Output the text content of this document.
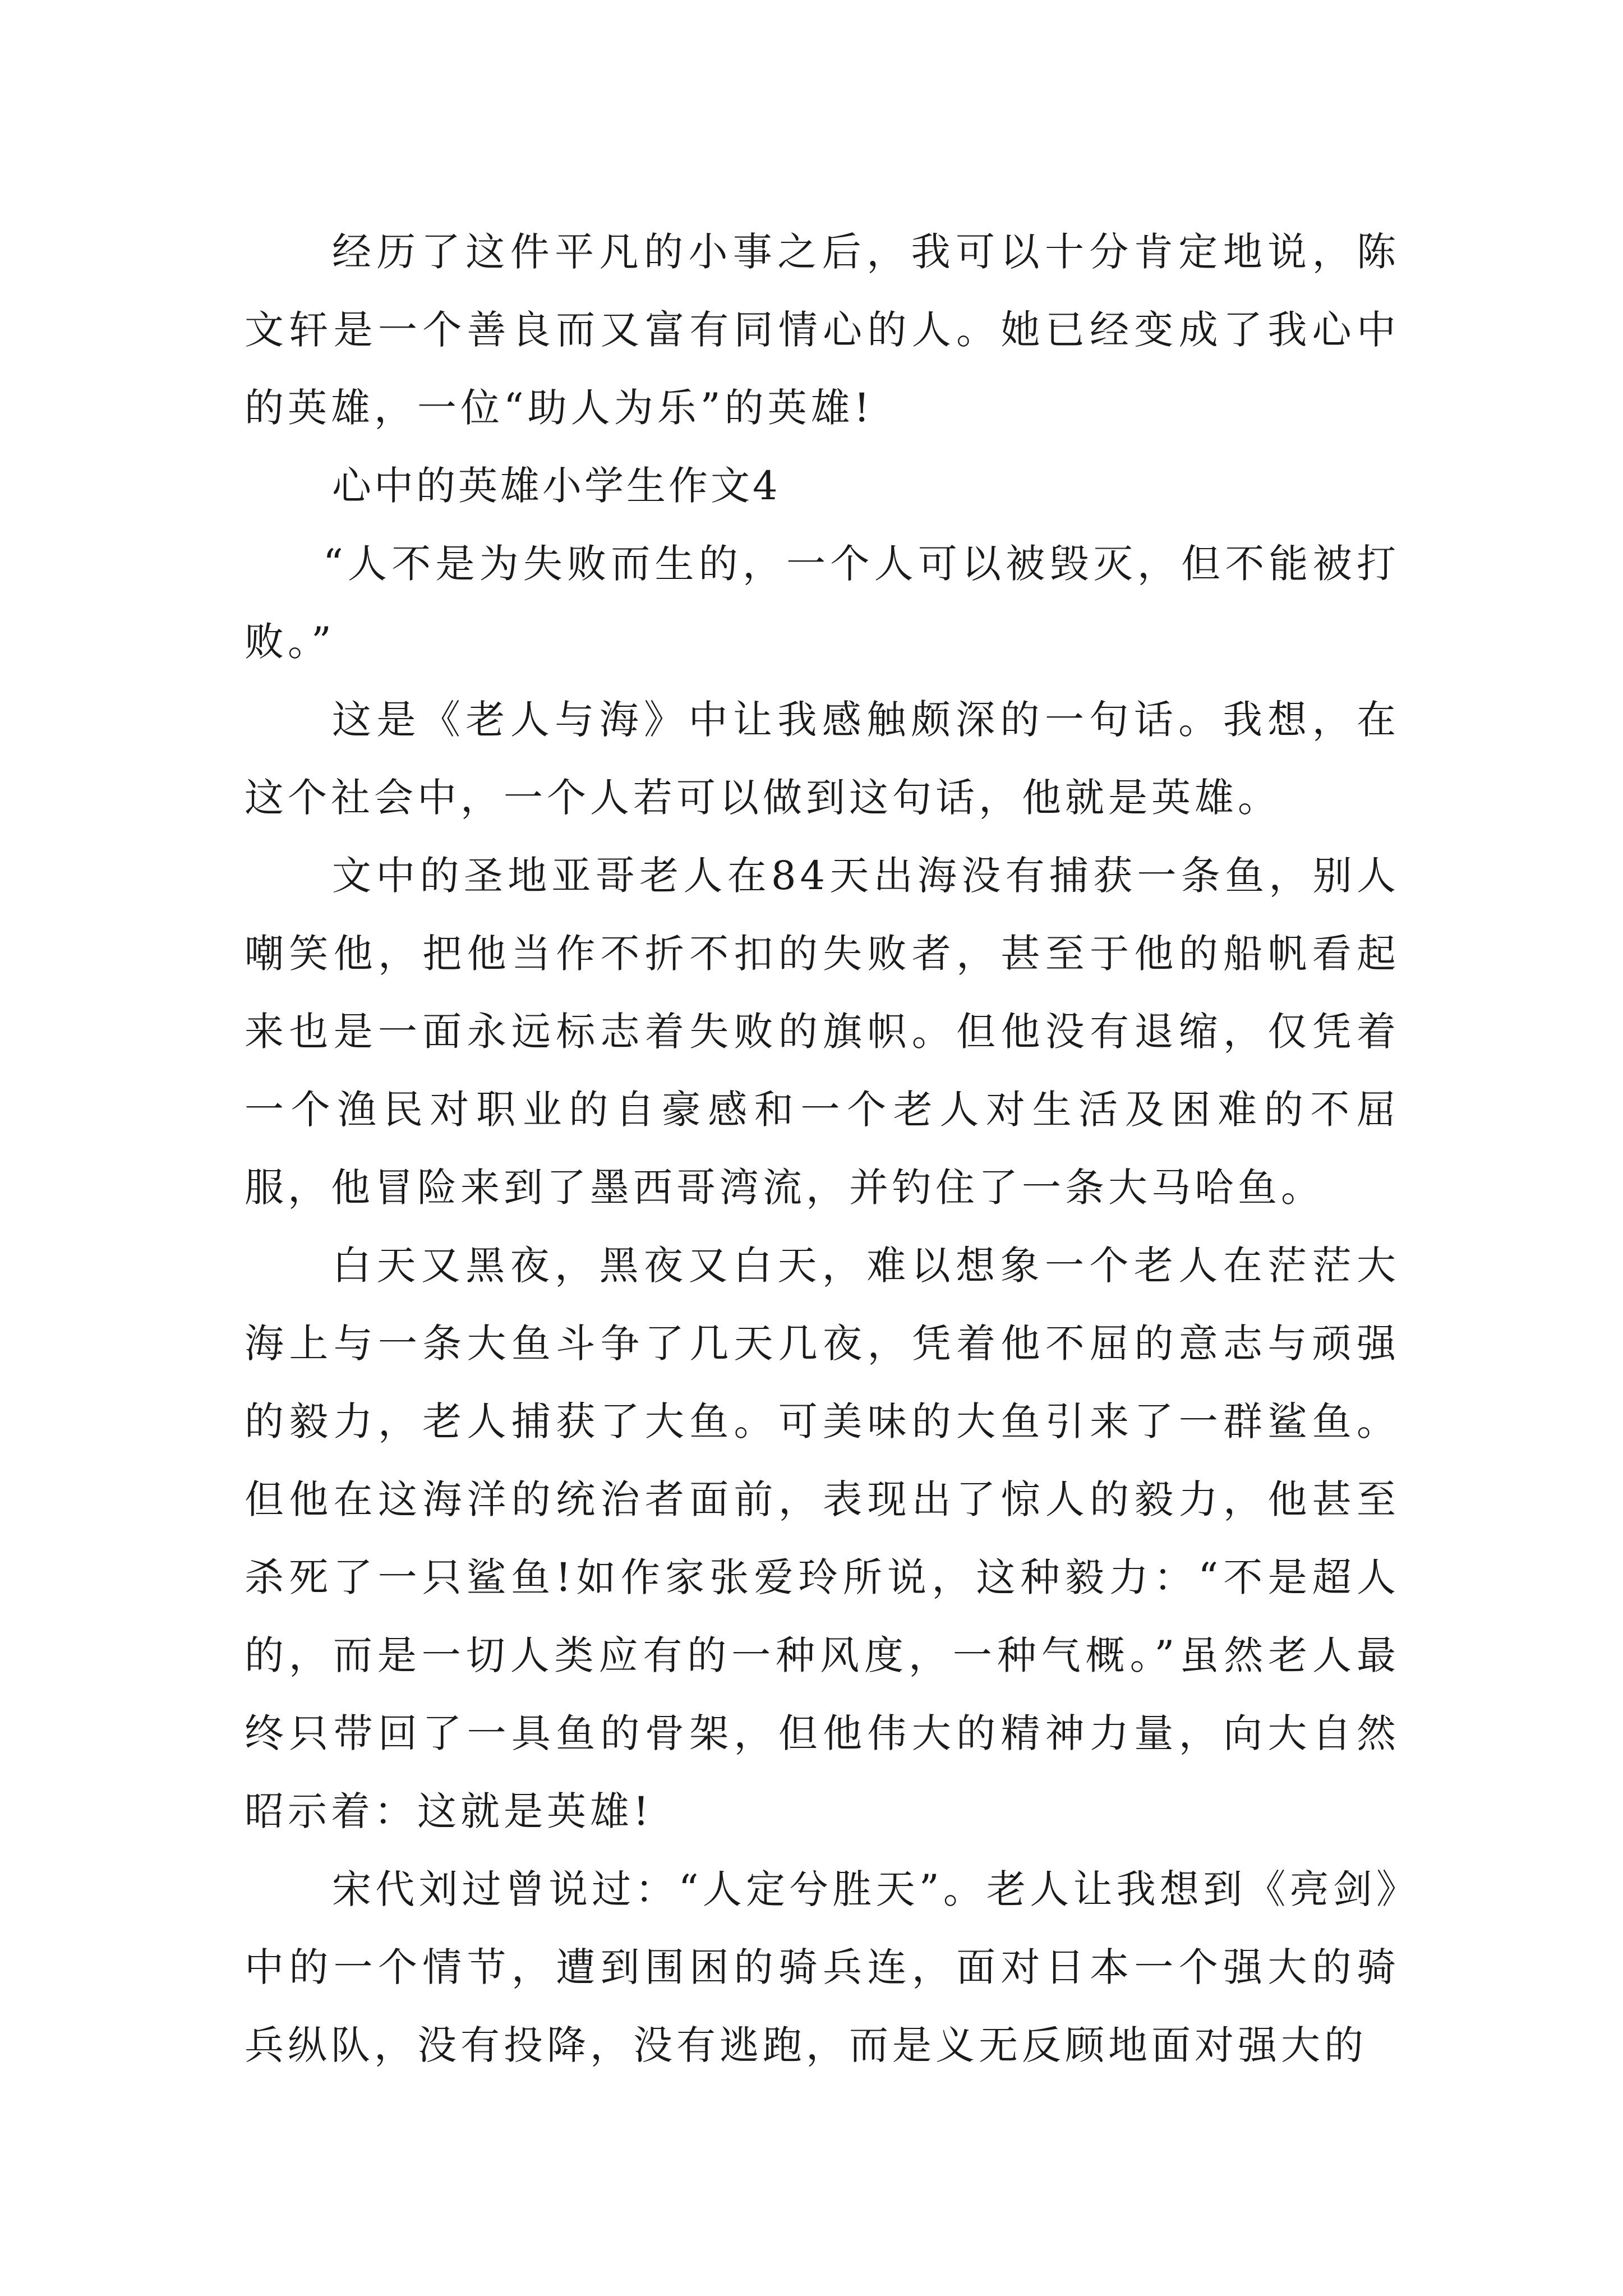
经历了这件平凡的小事之后，我可以十分肯定地说，陈文轩是一个善良而又富有同情心的人。她已经变成了我心中的英雄，一位“助人为乐”的英雄!

心中的英雄小学生作文4

“人不是为失败而生的，一个人可以被毁灭，但不能被打败。”

这是《老人与海》中让我感触颇深的一句话。我想，在这个社会中，一个人若可以做到这句话，他就是英雄。

文中的圣地亚哥老人在84天出海没有捕获一条鱼，别人嘲笑他，把他当作不折不扣的失败者，甚至于他的船帆看起来也是一面永远标志着失败的旗帜。但他没有退缩，仅凭着一个渔民对职业的自豪感和一个老人对生活及困难的不屈服，他冒险来到了墨西哥湾流，并钓住了一条大马哈鱼。

白天又黑夜，黑夜又白天，难以想象一个老人在茫茫大海上与一条大鱼斗争了几天几夜，凭着他不屈的意志与顽强的毅力，老人捕获了大鱼。可美味的大鱼引来了一群鲨鱼。但他在这海洋的统治者面前，表现出了惊人的毅力，他甚至杀死了一只鲨鱼!如作家张爱玲所说，这种毅力：“不是超人的，而是一切人类应有的一种风度，一种气概。”虽然老人最终只带回了一具鱼的骨架，但他伟大的精神力量，向大自然昭示着：这就是英雄!

宋代刘过曾说过：“人定兮胜天”。老人让我想到《亮剑》中的一个情节，遭到围困的骑兵连，面对日本一个强大的骑兵纵队，没有投降，没有逃跑，而是义无反顾地面对强大的
